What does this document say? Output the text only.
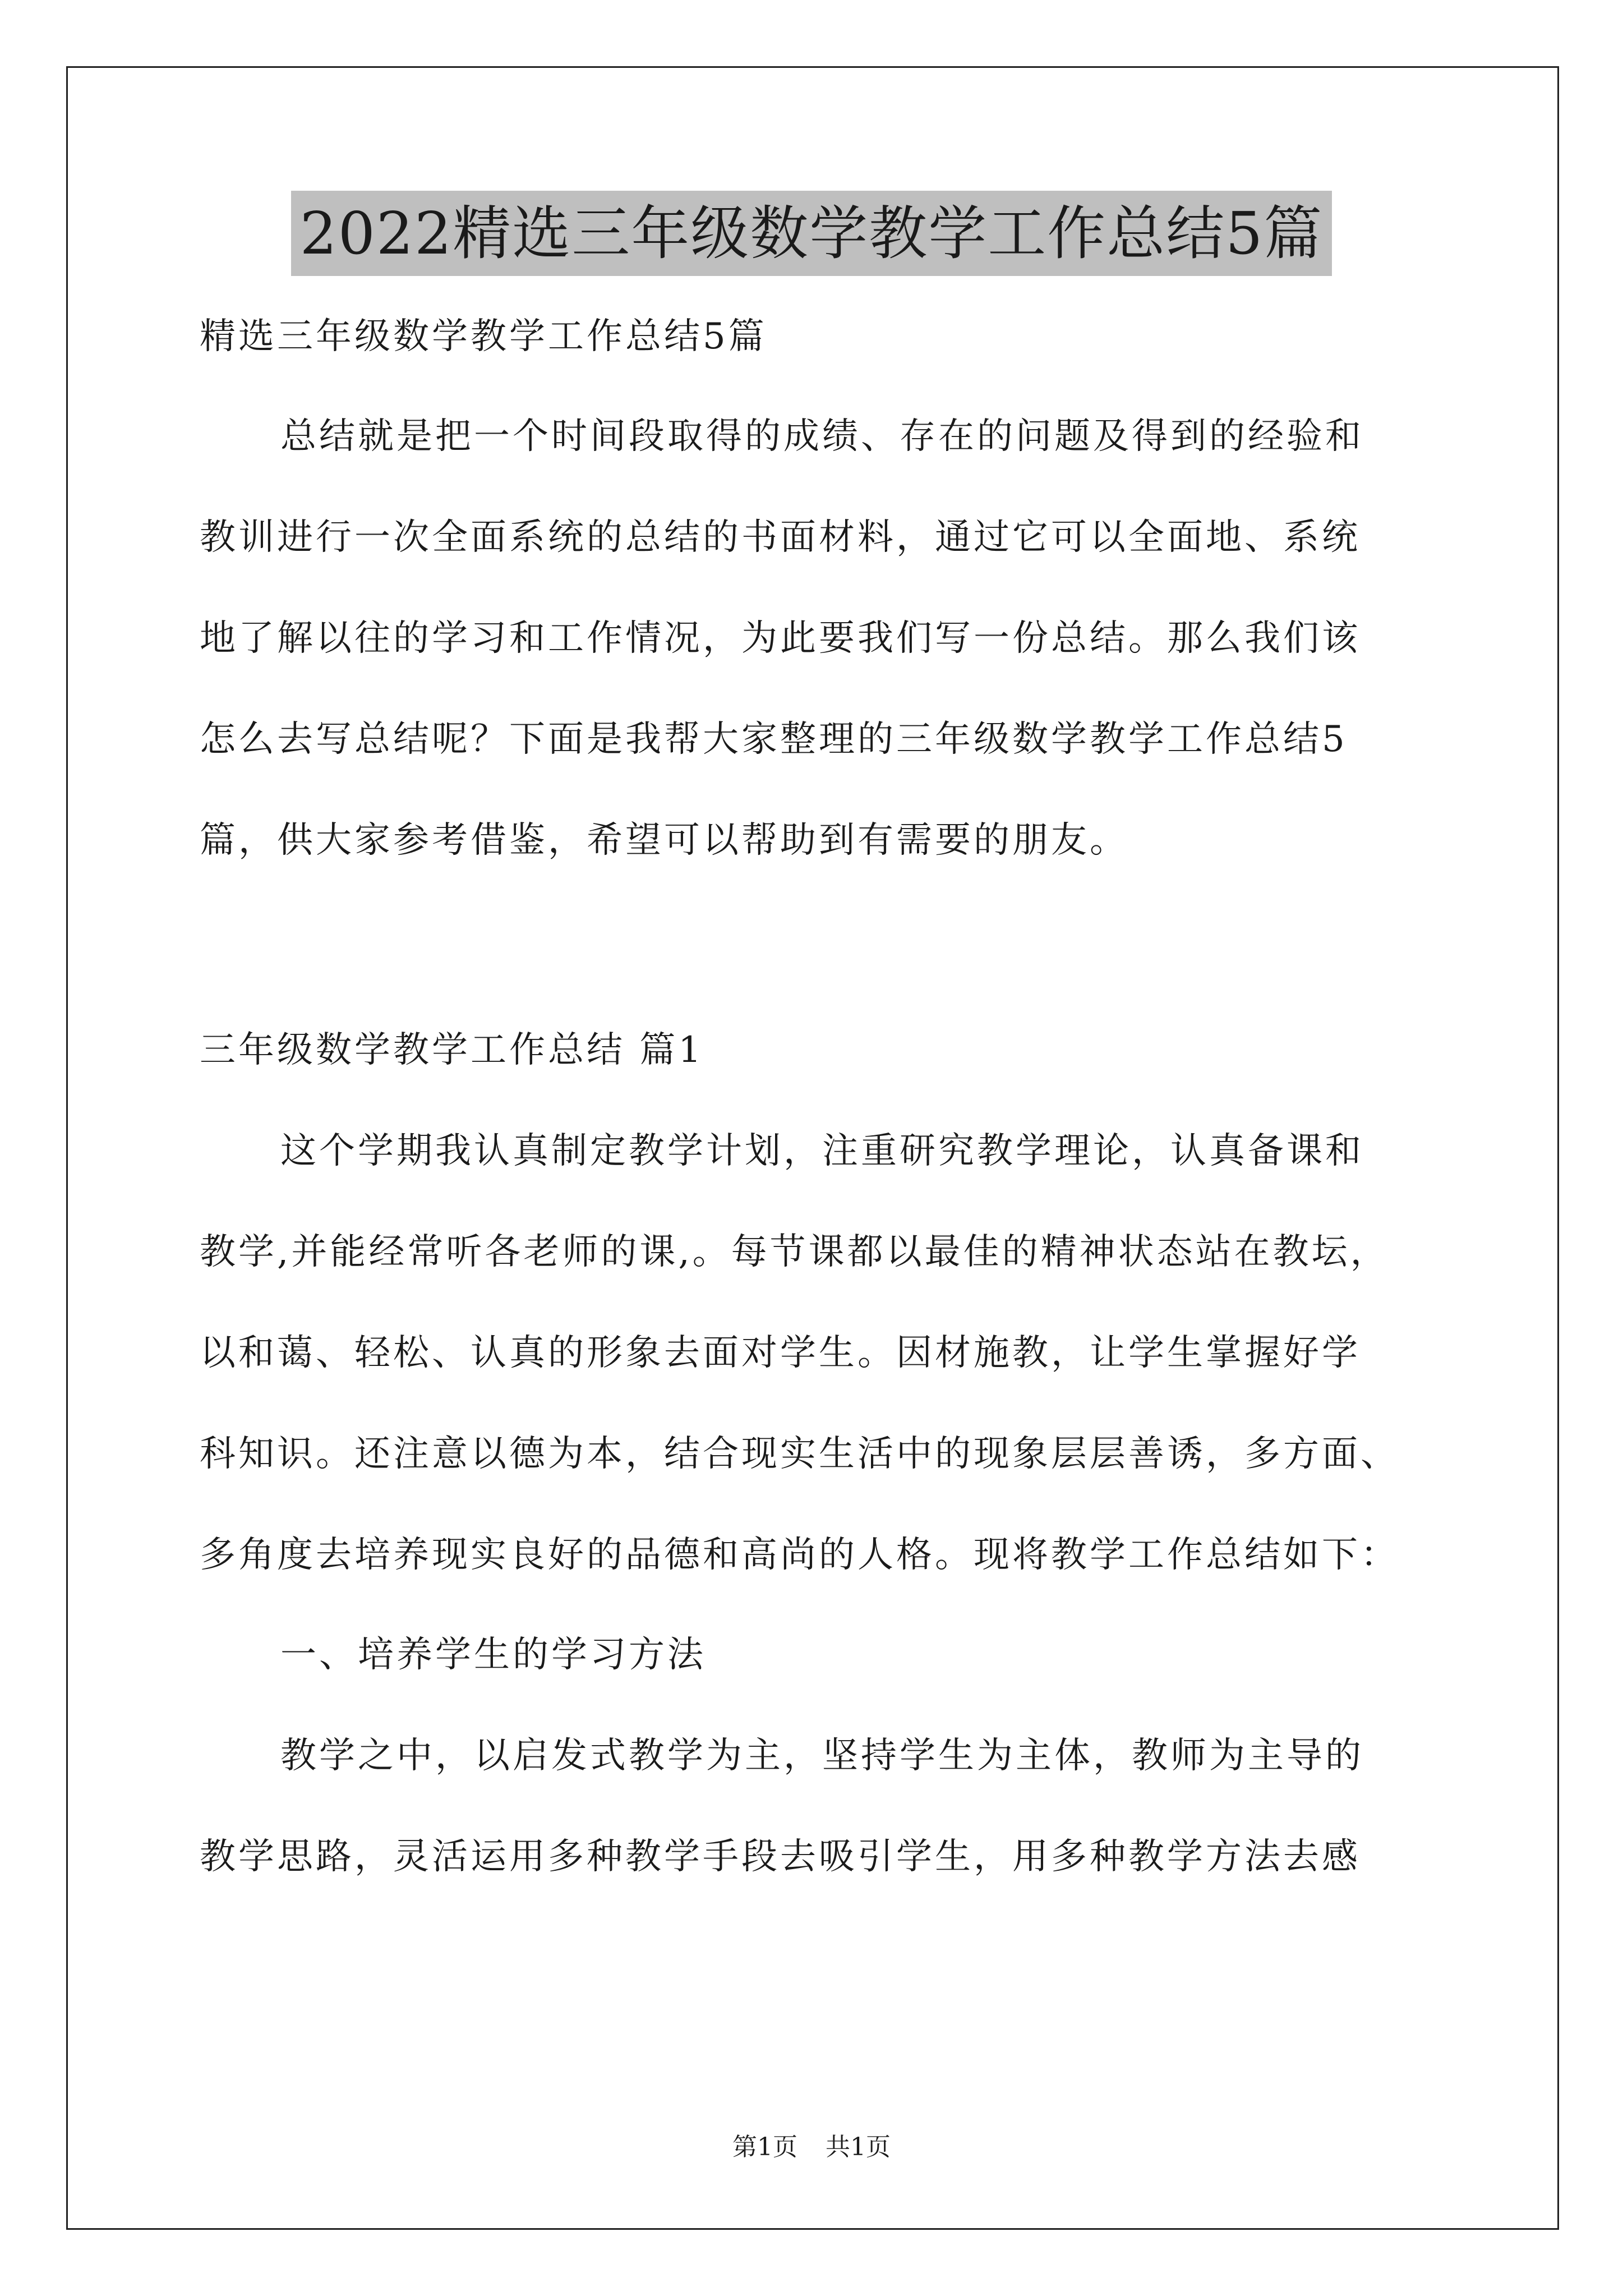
2022精选三年级数学教学工作总结5篇

精选三年级数学教学工作总结5篇

总结就是把一个时间段取得的成绩、存在的问题及得到的经验和

教训进行一次全面系统的总结的书面材料，通过它可以全面地、系统

地了解以往的学习和工作情况，为此要我们写一份总结。那么我们该

怎么去写总结呢？下面是我帮大家整理的三年级数学教学工作总结5

篇，供大家参考借鉴，希望可以帮助到有需要的朋友。

三年级数学教学工作总结 篇1

这个学期我认真制定教学计划，注重研究教学理论，认真备课和

教学,并能经常听各老师的课,。每节课都以最佳的精神状态站在教坛，

以和蔼、轻松、认真的形象去面对学生。因材施教，让学生掌握好学

科知识。还注意以德为本，结合现实生活中的现象层层善诱，多方面、

多角度去培养现实良好的品德和高尚的人格。现将教学工作总结如下：

一、培养学生的学习方法

教学之中，以启发式教学为主，坚持学生为主体，教师为主导的

教学思路，灵活运用多种教学手段去吸引学生，用多种教学方法去感

第1页 共1页
